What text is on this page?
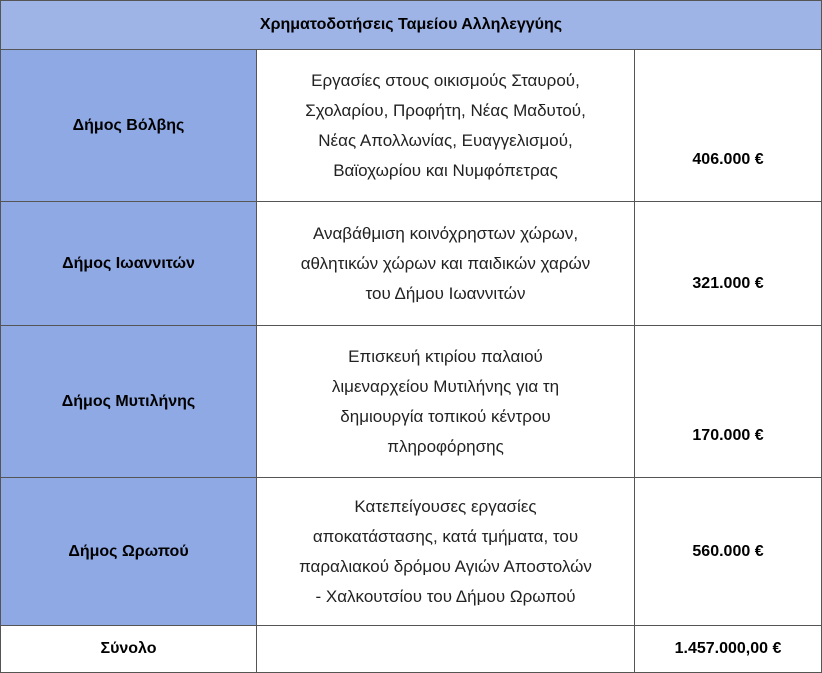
Χρηματοδοτήσεις Ταμείου Αλληλεγγύης		
Δήμος Βόλβης	Εργασίες στους οικισμούς Σταυρού,
Σχολαρίου, Προφήτη, Νέας Μαδυτού,
Νέας Απολλωνίας, Ευαγγελισμού,
Βαϊοχωρίου και Νυμφόπετρας	406.000 €
Δήμος Ιωαννιτών	Αναβάθμιση κοινόχρηστων χώρων,
αθλητικών χώρων και παιδικών χαρών
του Δήμου Ιωαννιτών	321.000 €
Δήμος Μυτιλήνης	Επισκευή κτιρίου παλαιού
λιμεναρχείου Μυτιλήνης για τη
δημιουργία τοπικού κέντρου
πληροφόρησης	170.000 €
Δήμος Ωρωπού	Κατεπείγουσες εργασίες
αποκατάστασης, κατά τμήματα, του
παραλιακού δρόμου Αγιών Αποστολών
- Χαλκουτσίου του Δήμου Ωρωπού	560.000 €
Σύνολο		1.457.000,00 €
